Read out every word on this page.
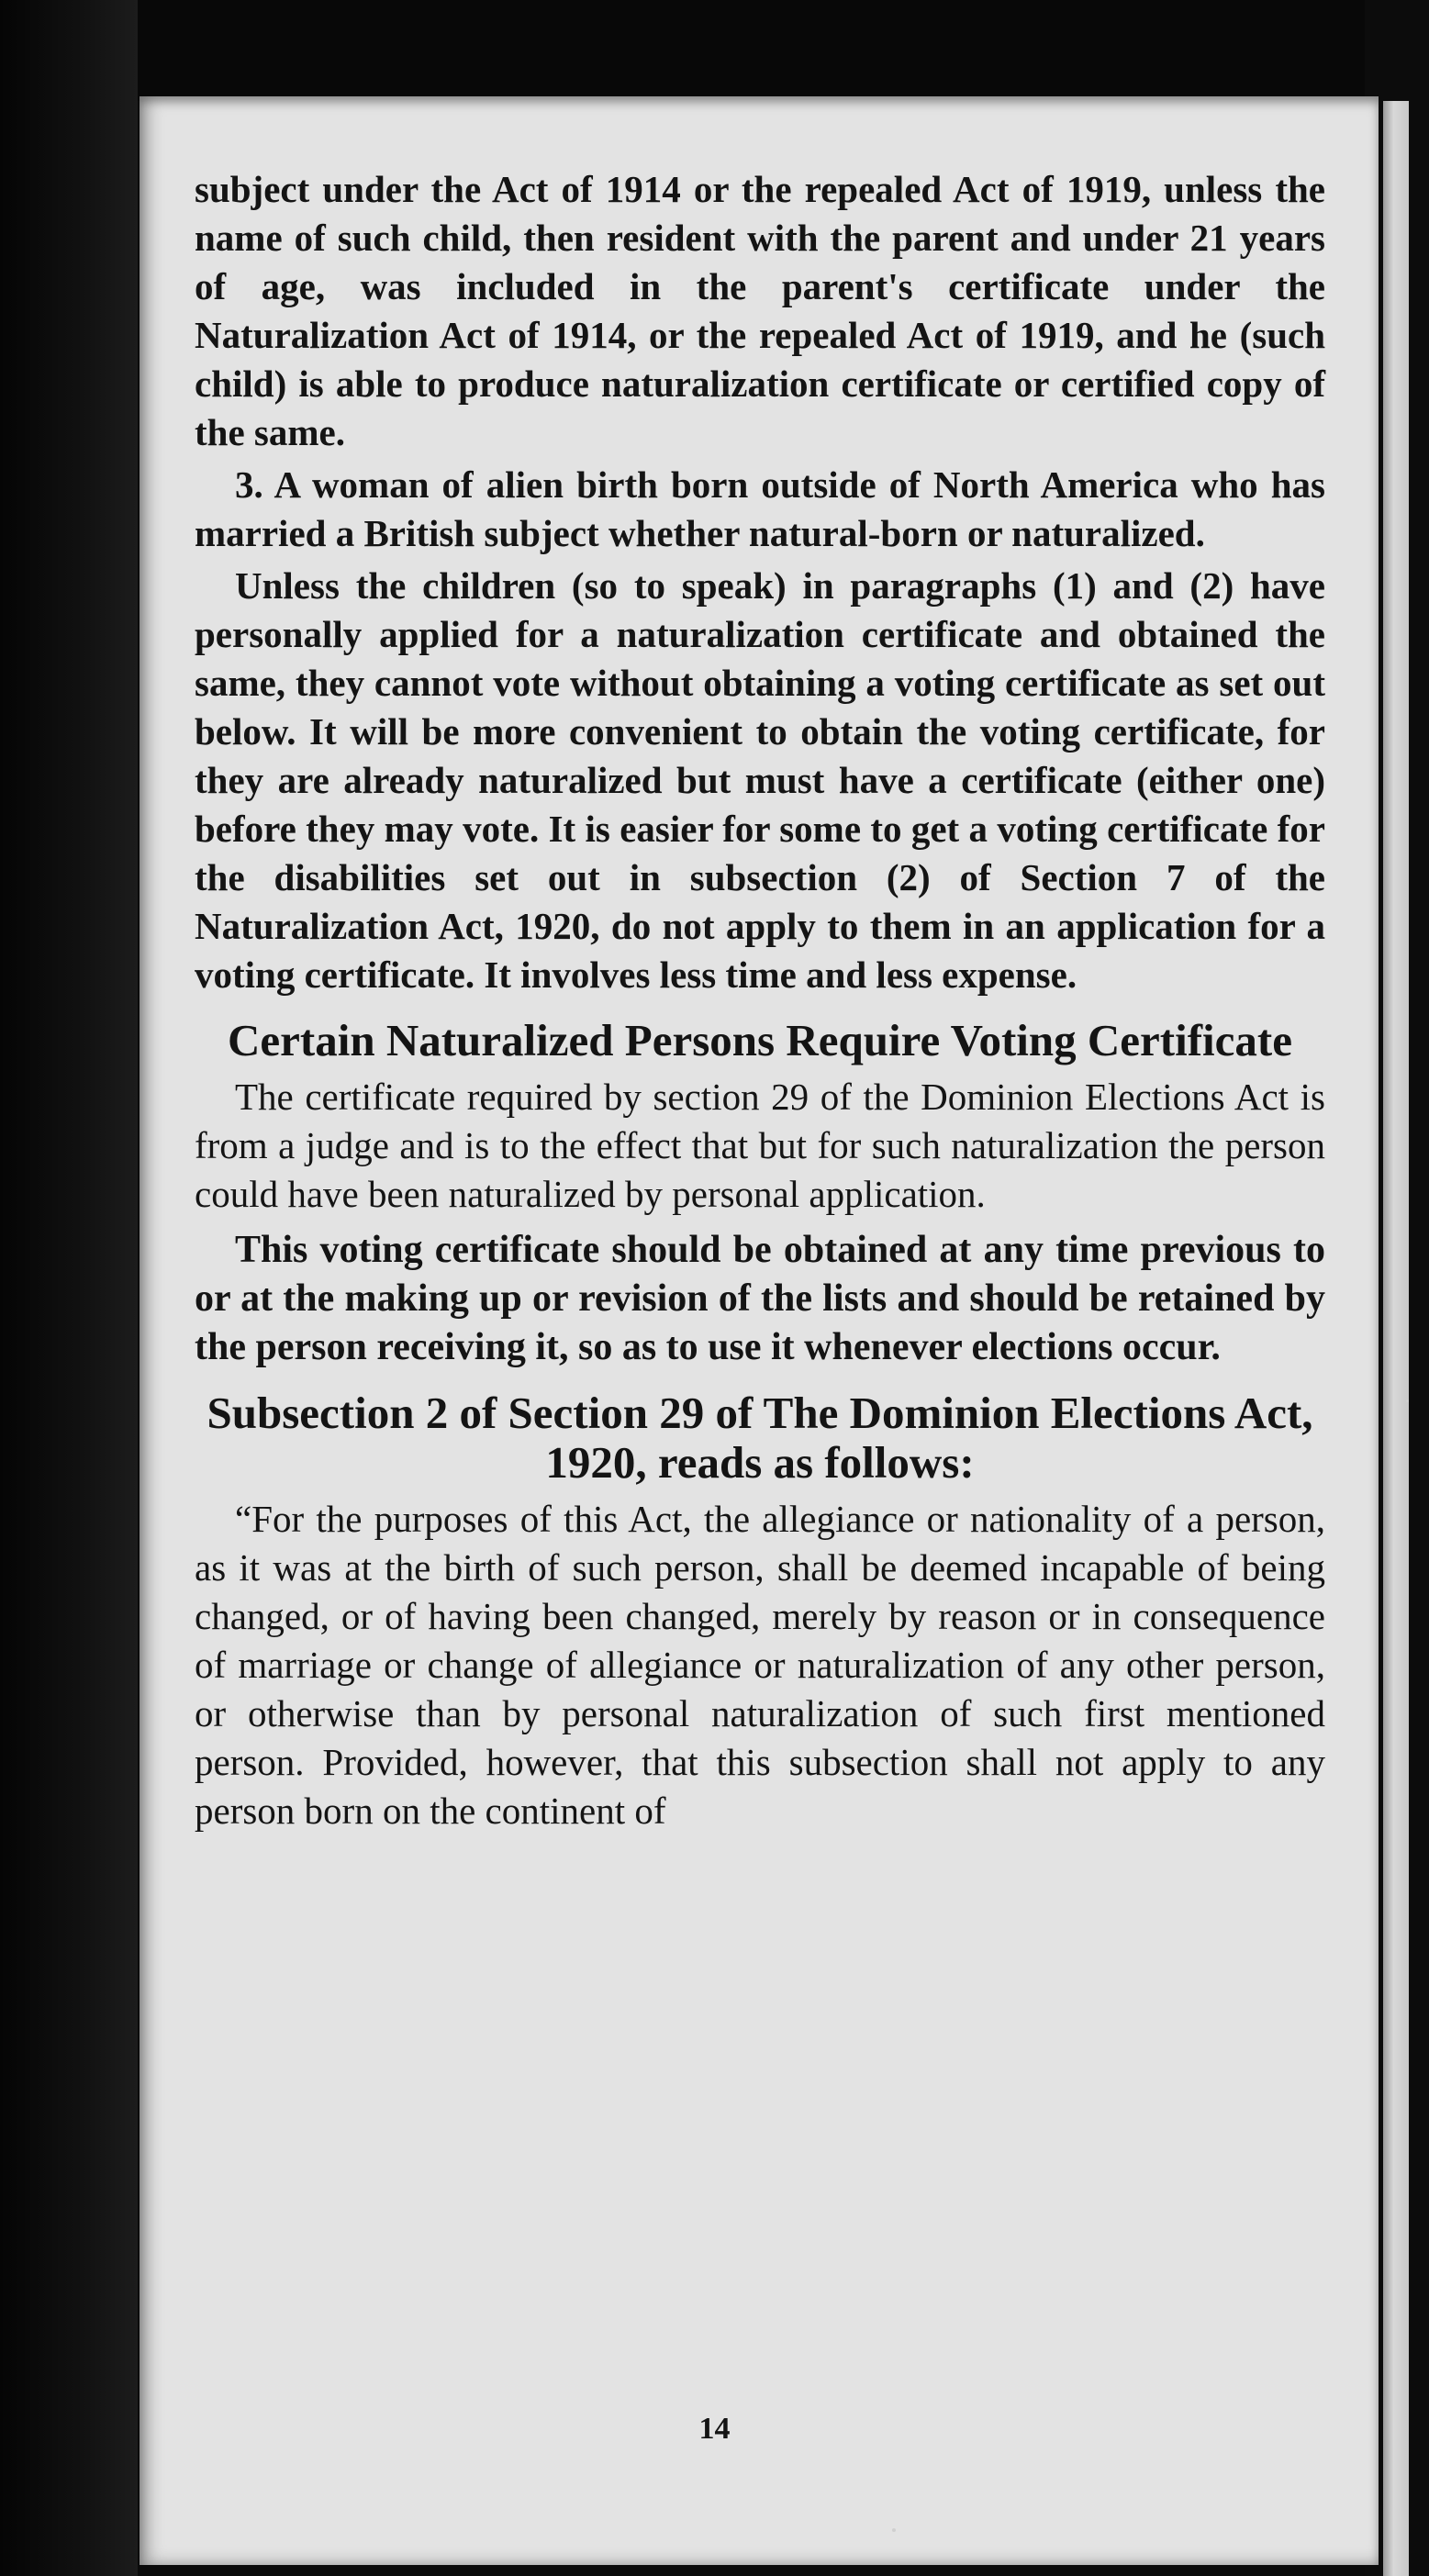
subject under the Act of 1914 or the repealed Act of 1919, unless the name of such child, then resident with the parent and under 21 years of age, was included in the parent's certificate under the Naturalization Act of 1914, or the repealed Act of 1919, and he (such child) is able to produce naturalization certificate or certified copy of the same.

3. A woman of alien birth born outside of North America who has married a British subject whether natural-born or naturalized.

Unless the children (so to speak) in paragraphs (1) and (2) have personally applied for a naturalization certificate and obtained the same, they cannot vote without obtaining a voting certificate as set out below. It will be more convenient to obtain the voting certificate, for they are already naturalized but must have a certificate (either one) before they may vote. It is easier for some to get a voting certificate for the disabilities set out in subsection (2) of Section 7 of the Naturalization Act, 1920, do not apply to them in an application for a voting certificate. It involves less time and less expense.

Certain Naturalized Persons Require Voting Certificate

The certificate required by section 29 of the Dominion Elections Act is from a judge and is to the effect that but for such naturalization the person could have been naturalized by personal application.

This voting certificate should be obtained at any time previous to or at the making up or revision of the lists and should be retained by the person receiving it, so as to use it whenever elections occur.

Subsection 2 of Section 29 of The Dominion Elections Act, 1920, reads as follows:

“For the purposes of this Act, the allegiance or nationality of a person, as it was at the birth of such person, shall be deemed incapable of being changed, or of having been changed, merely by reason or in consequence of marriage or change of allegiance or naturalization of any other person, or otherwise than by personal naturalization of such first mentioned person. Provided, however, that this subsection shall not apply to any person born on the continent of

14
